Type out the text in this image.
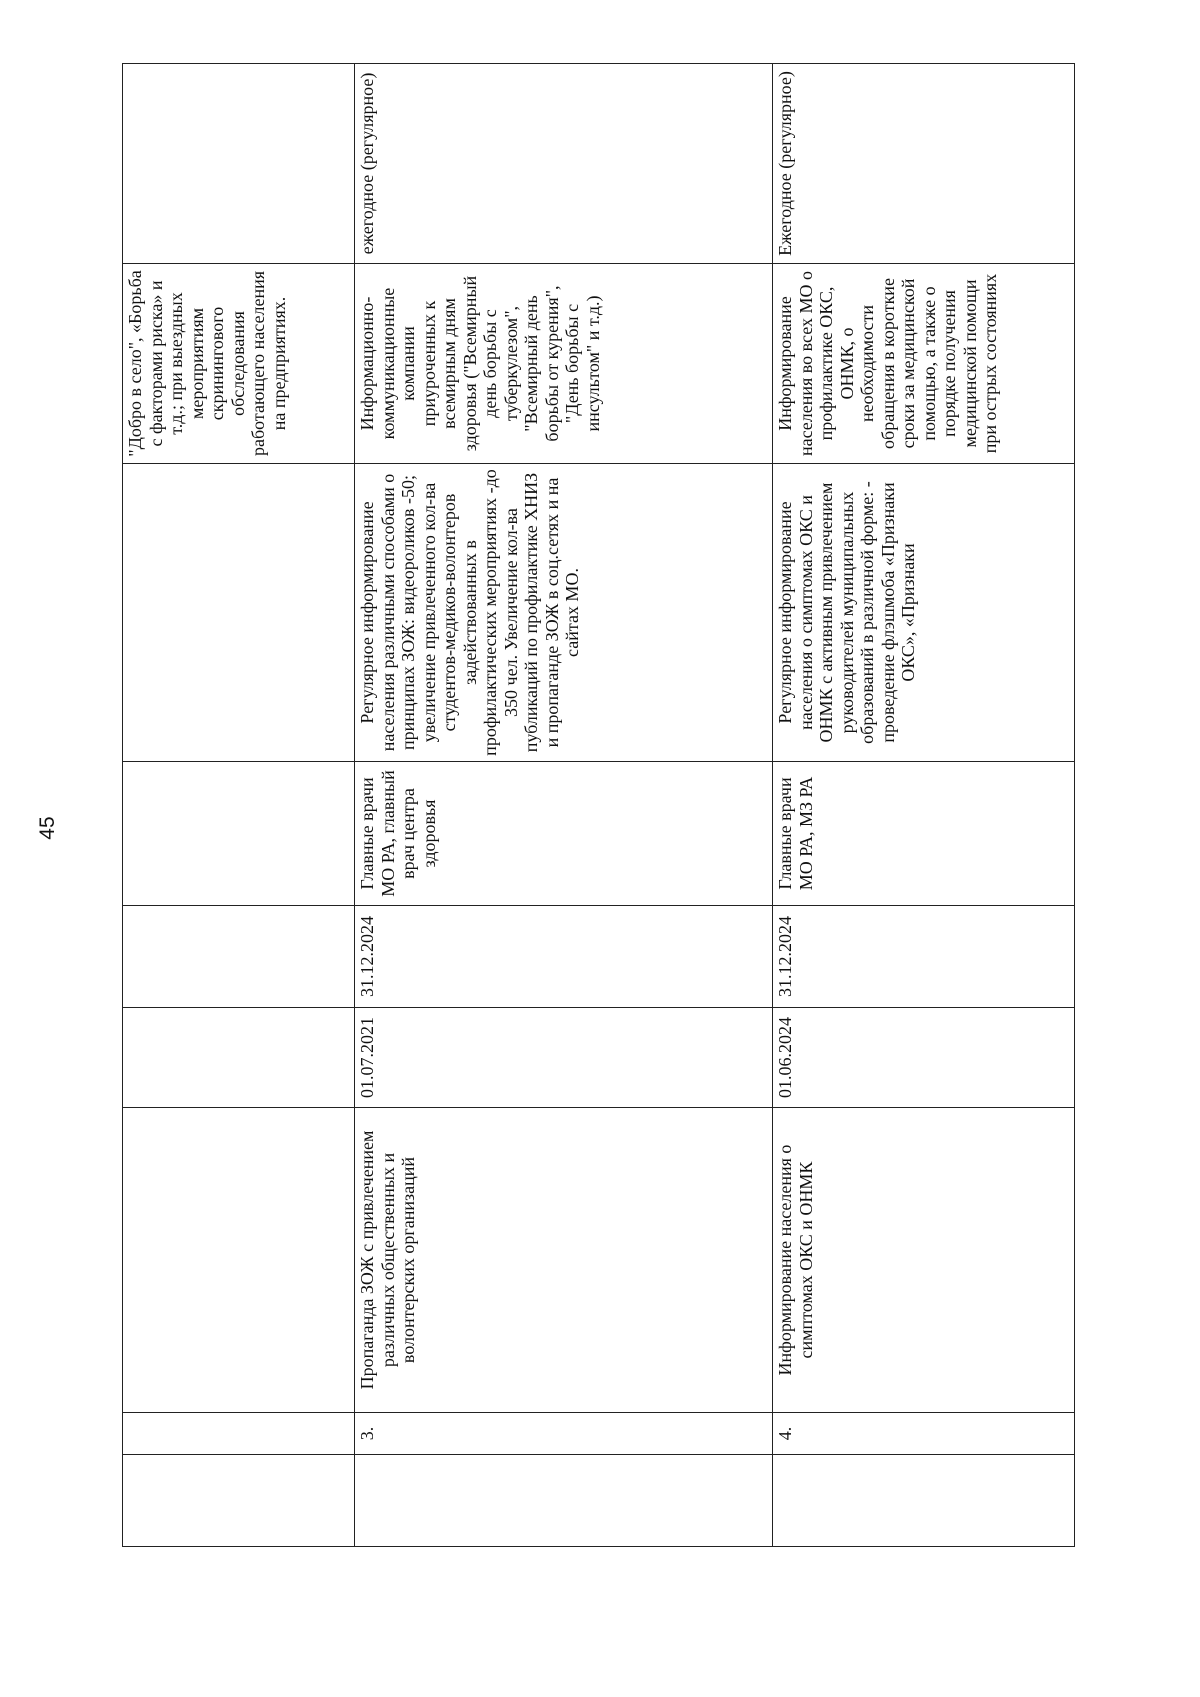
45
							"Добро в село", «Борьба с факторами риска» и т.д.; при выездных мероприятиям скринингового обследования работающего населения на предприятиях.	
	3.	Пропаганда ЗОЖ с привлечением различных общественных и волонтерских организаций	01.07.2021	31.12.2024	Главные врачи МО РА, главный врач центра здоровья	Регулярное информирование населения различными способами о принципах ЗОЖ: видеороликов -50; увеличение привлеченного кол-ва студентов-медиков-волонтеров задействованных в профилактических мероприятиях -до 350 чел. Увеличение кол-ва публикаций по профилактике ХНИЗ и пропаганде ЗОЖ в соц.сетях и на сайтах МО.	Информационно-коммуникационные компании приуроченных к всемирным дням здоровья ("Всемирный день борьбы с туберкулезом", "Всемирный день борьбы от курения", "День борьбы с инсультом" и т.д.)	ежегодное (регулярное)
	4.	Информирование населения о симптомах ОКС и ОНМК	01.06.2024	31.12.2024	Главные врачи МО РА, МЗ РА	Регулярное информирование населения о симптомах ОКС и ОНМК с активным привлечением руководителей муниципальных образований в различной форме: - проведение флэшмоба «Признаки ОКС», «Признаки	Информирование населения во всех МО о профилактике ОКС, ОНМК, о необходимости обращения в короткие сроки за медицинской помощью, а также о порядке получения медицинской помощи при острых состояниях	Ежегодное (регулярное)
